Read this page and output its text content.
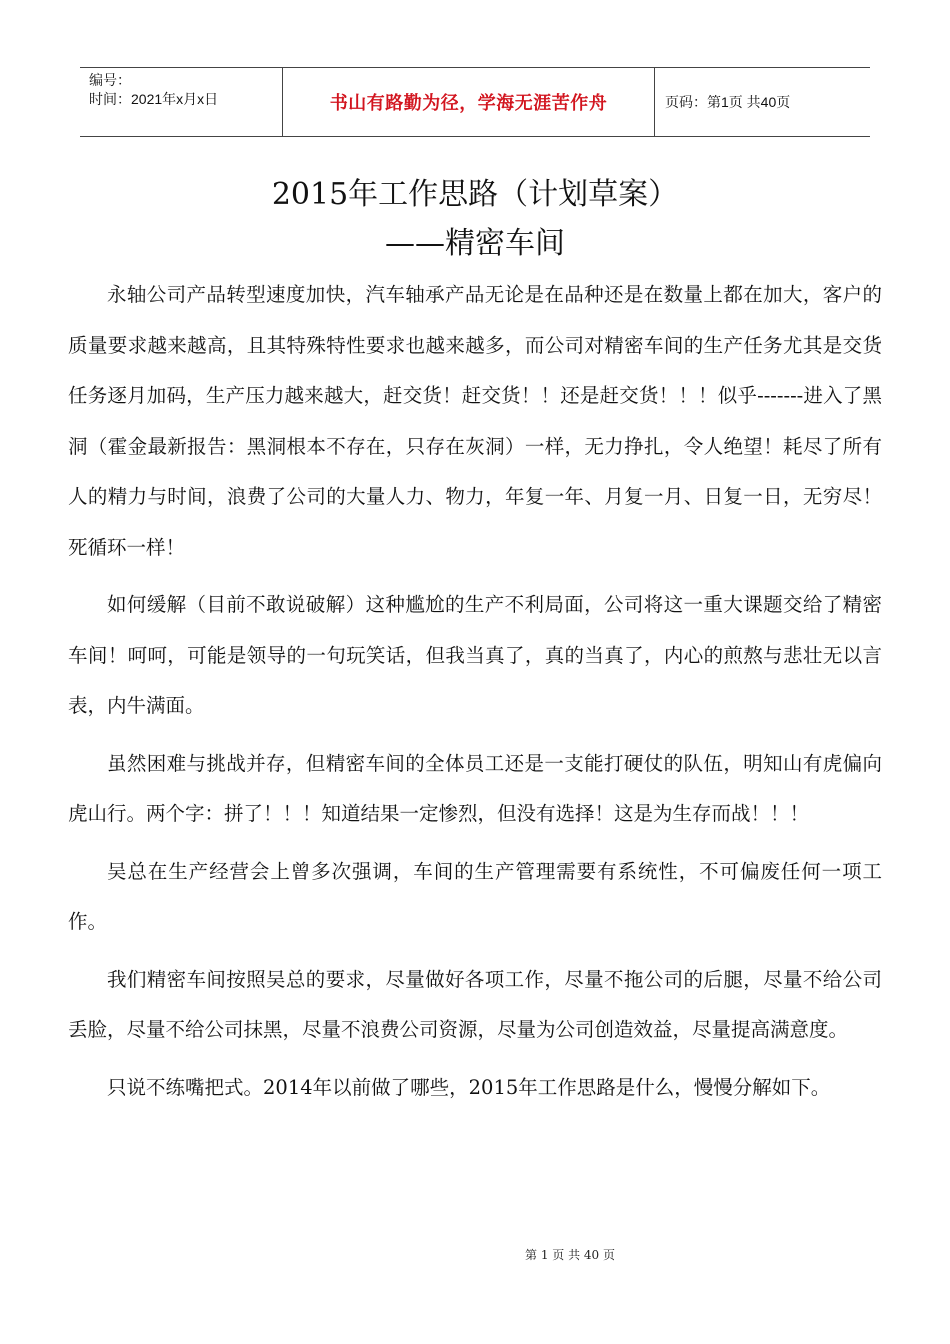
编号：
时间：2021年x月x日	书山有路勤为径，学海无涯苦作舟	页码：第1页 共40页
2015年工作思路（计划草案）
——精密车间

永轴公司产品转型速度加快，汽车轴承产品无论是在品种还是在数量上都在加大，客户的质量要求越来越高，且其特殊特性要求也越来越多，而公司对精密车间的生产任务尤其是交货任务逐月加码，生产压力越来越大，赶交货！赶交货！！还是赶交货！！！似乎-------进入了黑洞（霍金最新报告：黑洞根本不存在，只存在灰洞）一样，无力挣扎，令人绝望！耗尽了所有人的精力与时间，浪费了公司的大量人力、物力，年复一年、月复一月、日复一日，无穷尽！死循环一样！

如何缓解（目前不敢说破解）这种尴尬的生产不利局面，公司将这一重大课题交给了精密车间！呵呵，可能是领导的一句玩笑话，但我当真了，真的当真了，内心的煎熬与悲壮无以言表，内牛满面。

虽然困难与挑战并存，但精密车间的全体员工还是一支能打硬仗的队伍，明知山有虎偏向虎山行。两个字：拼了！！！知道结果一定惨烈，但没有选择！这是为生存而战！！！

吴总在生产经营会上曾多次强调，车间的生产管理需要有系统性，不可偏废任何一项工作。

我们精密车间按照吴总的要求，尽量做好各项工作，尽量不拖公司的后腿，尽量不给公司丢脸，尽量不给公司抹黑，尽量不浪费公司资源，尽量为公司创造效益，尽量提高满意度。

只说不练嘴把式。2014年以前做了哪些，2015年工作思路是什么，慢慢分解如下。

第 1 页 共 40 页
